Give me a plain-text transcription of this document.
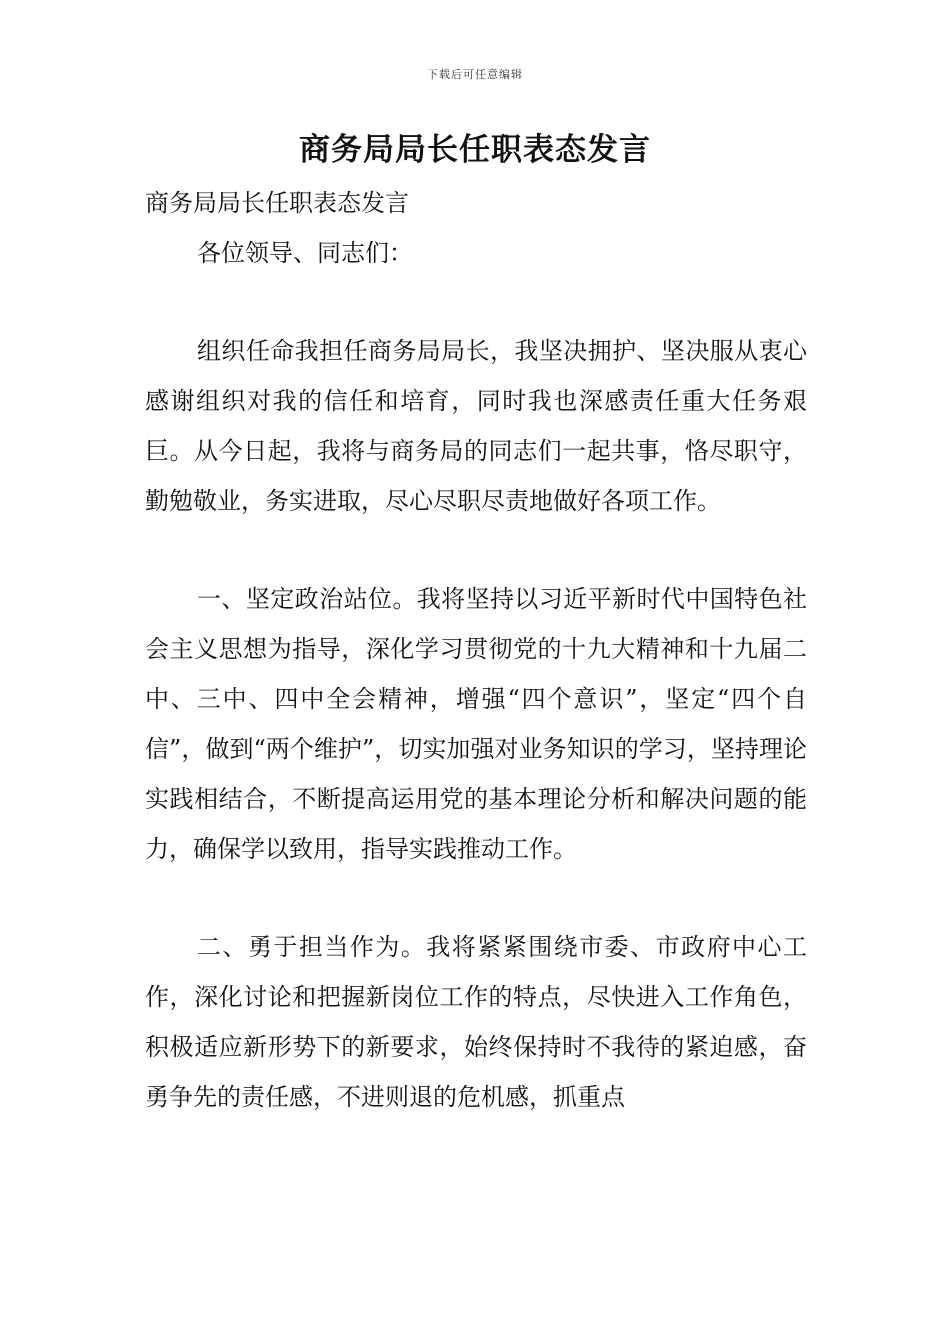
下载后可任意编辑
商务局局长任职表态发言

商务局局长任职表态发言

各位领导、同志们：

组织任命我担任商务局局长，我坚决拥护、坚决服从衷心感谢组织对我的信任和培育，同时我也深感责任重大任务艰巨。从今日起，我将与商务局的同志们一起共事，恪尽职守，勤勉敬业，务实进取，尽心尽职尽责地做好各项工作。

一、坚定政治站位。我将坚持以习近平新时代中国特色社会主义思想为指导，深化学习贯彻党的十九大精神和十九届二中、三中、四中全会精神，增强“四个意识”，坚定“四个自信”，做到“两个维护”，切实加强对业务知识的学习，坚持理论实践相结合，不断提高运用党的基本理论分析和解决问题的能力，确保学以致用，指导实践推动工作。

二、勇于担当作为。我将紧紧围绕市委、市政府中心工作，深化讨论和把握新岗位工作的特点，尽快进入工作角色，积极适应新形势下的新要求，始终保持时不我待的紧迫感，奋勇争先的责任感，不进则退的危机感，抓重点
